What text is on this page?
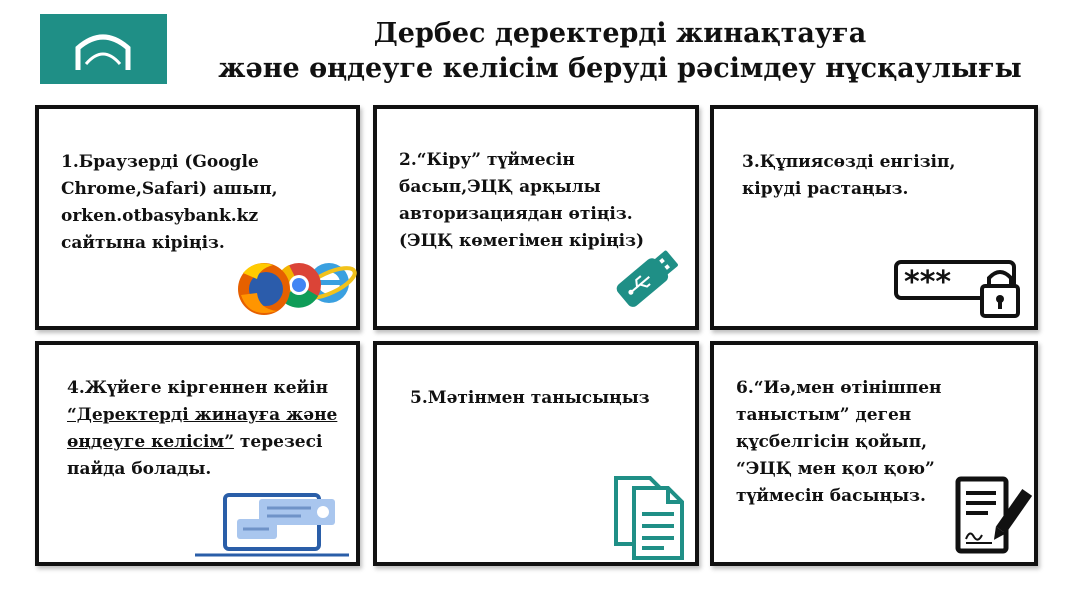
Дербес деректерді жинақтауға
және өңдеуге келісім беруді рәсімдеу нұсқаулығы
1.Браузерді (Google
Chrome,Safari) ашып,
orken.otbasybank.kz
сайтына кіріңіз.
2.“Кіру” түймесін
басып,ЭЦҚ арқылы
авторизациядан өтіңіз.
(ЭЦҚ көмегімен кіріңіз)
3.Құпиясөзді енгізіп,
кіруді растаңыз.
***
4.Жүйеге кіргеннен кейін
“Деректерді жинауға және
өңдеуге келісім” терезесі
пайда болады.
5.Мәтінмен танысыңыз	6.“Иә,мен өтінішпен
таныстым” деген
құсбелгісін қойып,
“ЭЦҚ мен қол қою”
түймесін басыңыз.
